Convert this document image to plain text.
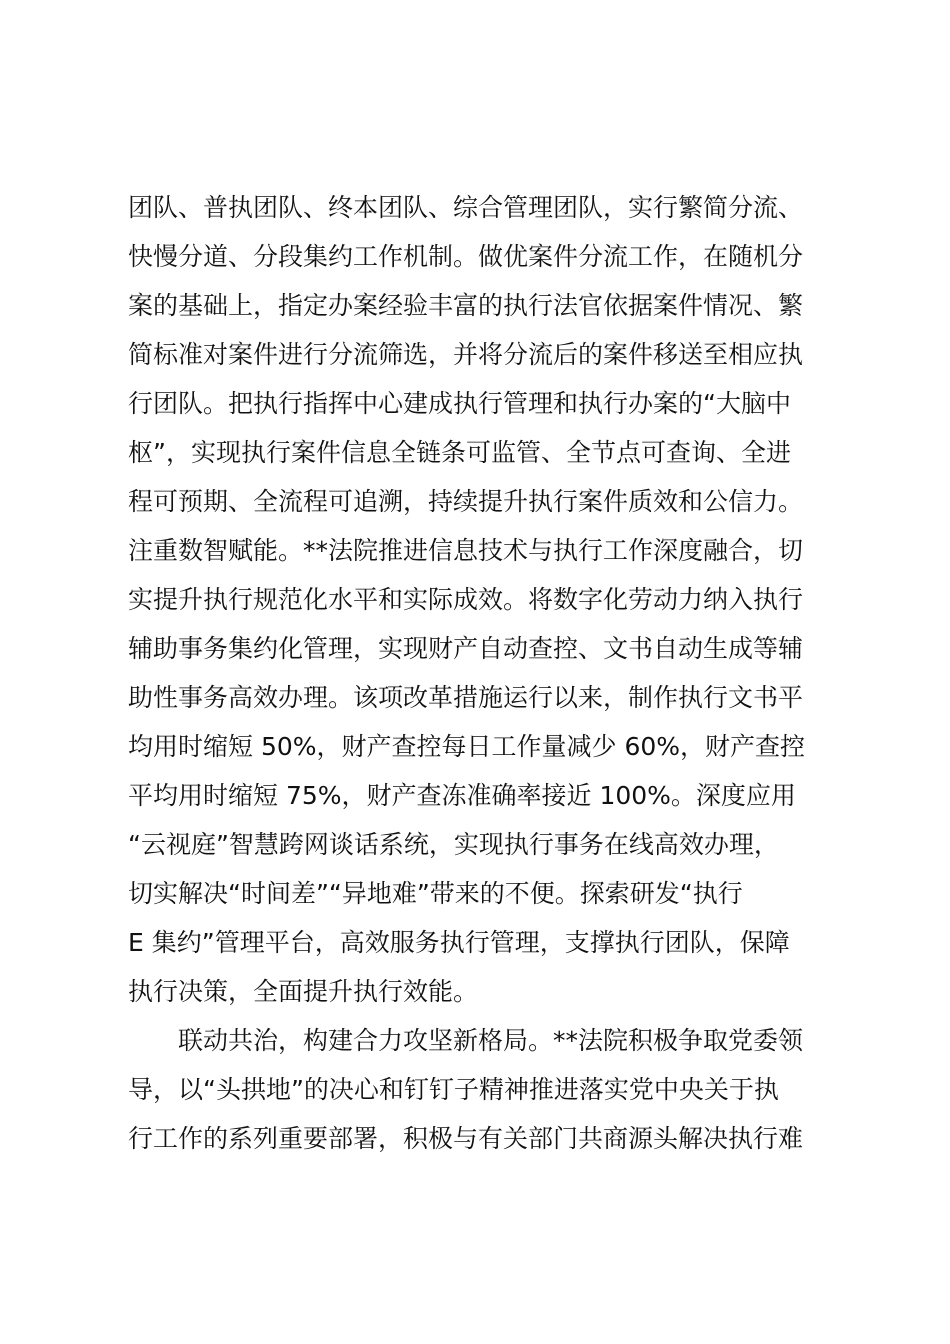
团队、普执团队、终本团队、综合管理团队，实行繁简分流、
快慢分道、分段集约工作机制。做优案件分流工作，在随机分
案的基础上，指定办案经验丰富的执行法官依据案件情况、繁
简标准对案件进行分流筛选，并将分流后的案件移送至相应执
行团队。把执行指挥中心建成执行管理和执行办案的“大脑中
枢”，实现执行案件信息全链条可监管、全节点可查询、全进
程可预期、全流程可追溯，持续提升执行案件质效和公信力。
注重数智赋能。**法院推进信息技术与执行工作深度融合，切
实提升执行规范化水平和实际成效。将数字化劳动力纳入执行
辅助事务集约化管理，实现财产自动查控、文书自动生成等辅
助性事务高效办理。该项改革措施运行以来，制作执行文书平
均用时缩短 50%，财产查控每日工作量减少 60%，财产查控
平均用时缩短 75%，财产查冻准确率接近 100%。深度应用
“云视庭”智慧跨网谈话系统，实现执行事务在线高效办理，
切实解决“时间差”“异地难”带来的不便。探索研发“执行
E 集约”管理平台，高效服务执行管理，支撑执行团队，保障
执行决策，全面提升执行效能。
联动共治，构建合力攻坚新格局。**法院积极争取党委领
导，以“头拱地”的决心和钉钉子精神推进落实党中央关于执
行工作的系列重要部署，积极与有关部门共商源头解决执行难
